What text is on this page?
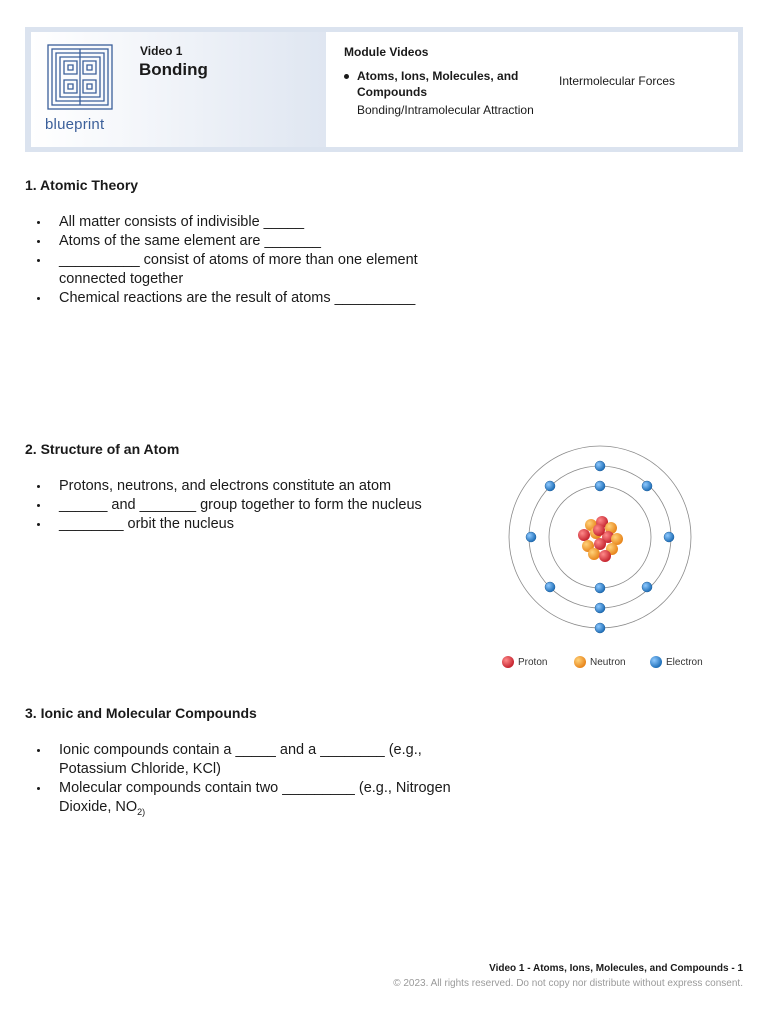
blueprint
Video 1
Bonding
Module Videos
Atoms, Ions, Molecules, and Compounds
Bonding/Intramolecular Attraction
Intermolecular Forces
1. Atomic Theory
All matter consists of indivisible _____
Atoms of the same element are _______
__________ consist of atoms of more than one element connected together
Chemical reactions are the result of atoms __________
2. Structure of an Atom
Protons, neutrons, and electrons constitute an atom
______ and _______ group together to form the nucleus
________ orbit the nucleus
Proton	Neutron	Electron
3. Ionic and Molecular Compounds
Ionic compounds contain a _____ and a ________ (e.g., Potassium Chloride, KCl)
Molecular compounds contain two _________ (e.g., Nitrogen Dioxide, $NO_{2)}$
Video 1 - Atoms, Ions, Molecules, and Compounds - 1
© 2023. All rights reserved. Do not copy nor distribute without express consent.
